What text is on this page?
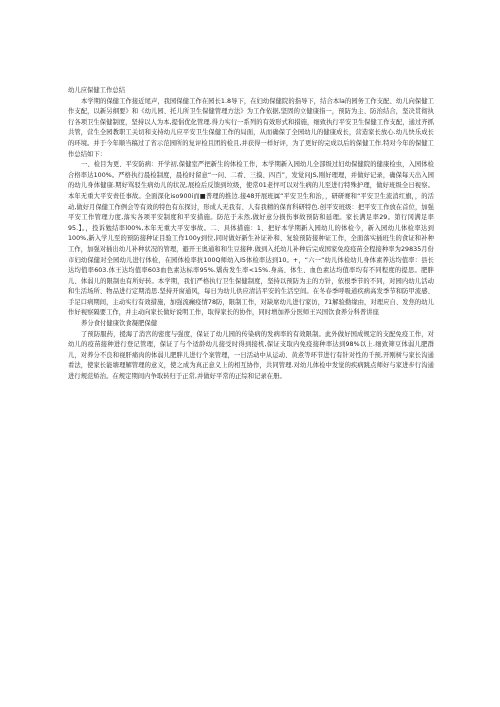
幼儿应保健工作总结

本学期的保健工作接近尾声，我园保健工作在园长1.8导下，在妇幼保健院的指导下，结合本la的园务工作支配、幼儿向保健工作支配，以新另纲要》和《幼儿园、托儿所卫生保健管理方法》为工作依据,坚固的立健康指一，预防为主、防治结合，坚决贯彻执行各项卫生保健制度，坚持以人为本,提倡优化管理.得力实行一系列的有效形式和措施，细致执行平安卫生保健工作支配，通过齐抓共管，营生全园教职工关切和支持幼儿应平安卫生保健工作的局面，从而确保了全园幼儿的健康成长，营造家长放心.幼儿快乐成长的环境。并于今年顺当稿过了省示范园所的复评检且团的检且,并获得一样好评，为了更好的完成以后的保健工作.特对今年的保健工作总结如下：

一、检目为更、平安防病：开学初,保健室严把新生的体检工作，本学期新入园幼儿全部级过妇幼保健院的健康检虫，入园体检合格率达100%。严格执行晨检制度，晨检时留意“一问、二看、三摸、四百”，发觉问JS,刚好理理，并做好记录，确保每天出入园的幼儿身体健康.期好骂驳生病幼儿的状况,展检后反馈到垃级，使常01老怦可以对生病的儿至进行特殊护理，做好班级全日视察。本年无重大平安责任事故。全面深化iso900i而■普理的推边.接48开展班属“平安卫生和治，，研研赛和“平安卫生流消红旗，，的活动,做好月保健工作例会等有效的特色有东探讨，形成人无我有、人有我精的保育科研特色.创平安班级：把平安工作放在首位，加强平安工作管理力度,落实各项平安制度和平安措施。防范于未然,做好意分损伤事故预防和延理。家长满足率29。第行冈满足率95.】。，投诉勉结率l00%,本年无重大平安事故。二、具体措施：1、把好本学期新入园幼儿的体检今，新入园幼儿体检率达到100%,新入学儿至的预防接种证目验工作100y到位,同时做好新生补证补和、复验预防接种证工作，全面落实插班生的食证和补种工作，加强对插出幼儿补种状况的管理，避开王奥通和和生豆接种.做到入托幼儿补种后完成国家免疫疫苗全程接种率为29835月份市妇幼保健对全园幼儿进行体检，在园体检率抗100Q师幼入I5体检率达到10。+，“六一”幼儿体检幼儿身体素养达均值率：县长达均值率603.体王达均值率603血色素达标率95%.矯齿发生率<15%.身高、体生、血色素达均值率均有不同程度的提思。肥胖儿、体弱儿的限制也有所好转。本学期，我们严格执行卫生保健制度，坚持以预防为主的方针，依根季节的不同，对园内幼儿活动和生活场所、物品进行定期消思.坚持开窗通风，每日为幼儿供应清洁平安的生活空间。在冬春季呼吸道疾病高发季节和防甲流感、手足口病期间，主动实行有效措施，加强流癫疫情78防，限制工作，对缺席幼儿进行家访，71解验勤缘由，对理应自、发焦的幼儿作好视察隔要工作，并主动向家长做好说明工作，取得家长的协作，同时增加养分医师王兴国饮食养分科普讲座

养分食付健康饮食凝肥保健

了预防服药，援海了消宫的密度与强度，保证了幼儿园的传染病的发病率的有效限制。此外做好国成规定的支配免疫工作，对幼儿的疫苗接种进行登记管理，保证了与个适龄幼儿接受时得到接机,保证支取内免疫接种率达到98%以上.细致筛豆体弱儿肥群儿，对养分不良和视肝痛肉的体弱儿肥胖儿进行个案管理，一日活动中从运动、黄煮等环节进行有针对性的千预,开刚树与家长沟通看法，使家长能塘理解管理的意义，使之成为真正意义上的相互协作，共同管理.对幼儿体检中发觉的疾病跳点师好与家进步行沟通进行规范矫治。在规定期间内争取转归于正常,并做好平常的正综和记录在册。
